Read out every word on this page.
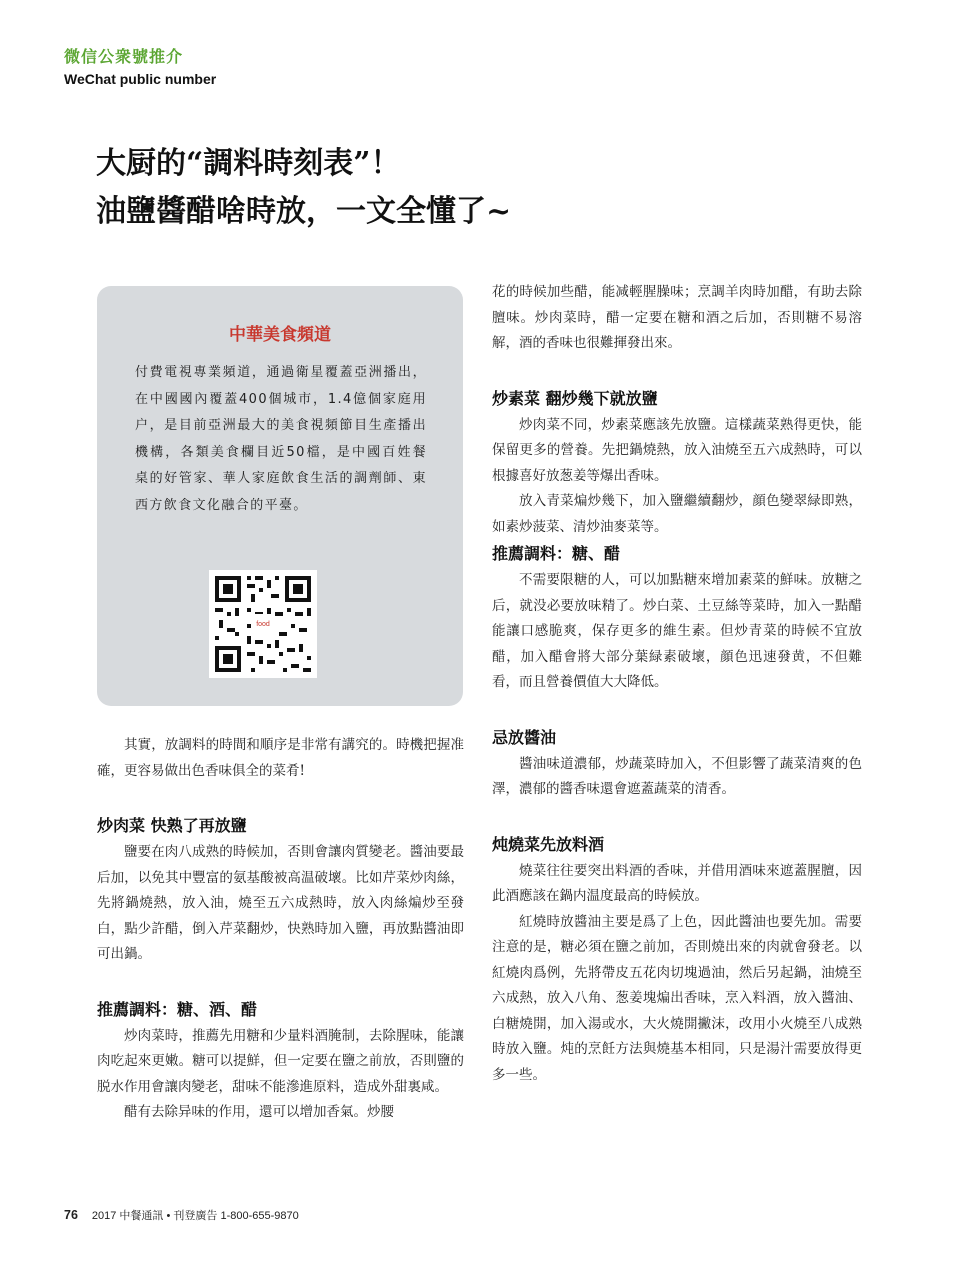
微信公衆號推介
WeChat public number
大厨的“調料時刻表”！
油鹽醬醋啥時放，一文全懂了~
中華美食頻道
付費電視專業頻道，通過衛星覆蓋亞洲播出，在中國國內覆蓋400個城市，1.4億個家庭用户，是目前亞洲最大的美食視頻節目生產播出機構，各類美食欄目近50檔，是中國百姓餐桌的好管家、華人家庭飲食生活的調劑師、東西方飲食文化融合的平臺。
food

其實，放調料的時間和順序是非常有講究的。時機把握准確，更容易做出色香味俱全的菜肴!

炒肉菜 快熟了再放鹽

鹽要在肉八成熟的時候加，否則會讓肉質變老。醬油要最后加，以免其中豐富的氨基酸被高温破壞。比如芹菜炒肉絲，先將鍋燒熱，放入油，燒至五六成熱時，放入肉絲煸炒至發白，點少許醋，倒入芹菜翻炒，快熟時加入鹽，再放點醬油即可出鍋。

推薦調料：糖、酒、醋

炒肉菜時，推薦先用糖和少量料酒腌制，去除腥味，能讓肉吃起來更嫩。糖可以提鮮，但一定要在鹽之前放，否則鹽的脱水作用會讓肉變老，甜味不能滲進原料，造成外甜裏咸。

醋有去除异味的作用，還可以增加香氣。炒腰

花的時候加些醋，能减輕腥臊味；烹調羊肉時加醋，有助去除膻味。炒肉菜時，醋一定要在糖和酒之后加，否則糖不易溶解，酒的香味也很難揮發出來。

炒素菜 翻炒幾下就放鹽

炒肉菜不同，炒素菜應該先放鹽。這樣蔬菜熟得更快，能保留更多的營養。先把鍋燒熱，放入油燒至五六成熱時，可以根據喜好放葱姜等爆出香味。

放入青菜煸炒幾下，加入鹽繼續翻炒，顔色變翠緑即熟，如素炒菠菜、清炒油麥菜等。

推薦調料：糖、醋

不需要限糖的人，可以加點糖來增加素菜的鮮味。放糖之后，就没必要放味精了。炒白菜、土豆絲等菜時，加入一點醋能讓口感脆爽，保存更多的維生素。但炒青菜的時候不宜放醋，加入醋會將大部分葉緑素破壞，顔色迅速發黄，不但難看，而且營養價值大大降低。

忌放醬油

醬油味道濃郁，炒蔬菜時加入，不但影響了蔬菜清爽的色澤，濃郁的醬香味還會遮蓋蔬菜的清香。

炖燒菜先放料酒

燒菜往往要突出料酒的香味，并借用酒味來遮蓋腥膻，因此酒應該在鍋内温度最高的時候放。

紅燒時放醬油主要是爲了上色，因此醬油也要先加。需要注意的是，糖必須在鹽之前加，否則燒出來的肉就會發老。以紅燒肉爲例，先將帶皮五花肉切塊過油，然后另起鍋，油燒至六成熱，放入八角、葱姜塊煸出香味，烹入料酒，放入醬油、白糖燒開，加入湯或水，大火燒開撇沫，改用小火燒至八成熟時放入鹽。炖的烹飪方法與燒基本相同，只是湯汁需要放得更多一些。

76 2017 中餐通訊 • 刊登廣告 1-800-655-9870
